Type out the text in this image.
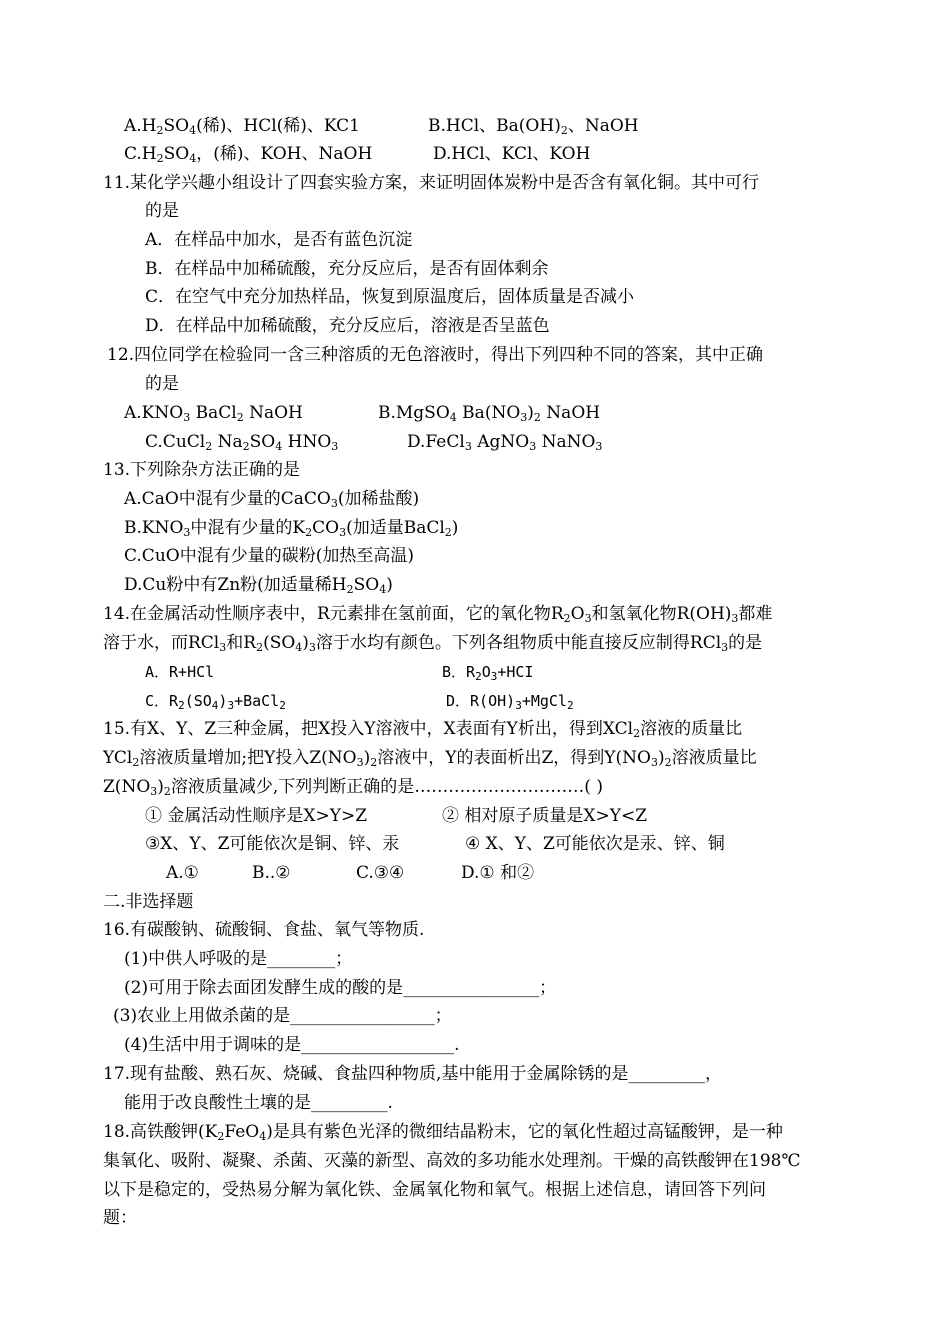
$A.H_2SO_4$(稀)、HCl(稀)、KC1	B.HCl、$Ba(OH)_2$、NaOH
$C.H_2SO_4$，(稀)、KOH、NaOH	D.HCl、KCl、KOH
11.某化学兴趣小组设计了四套实验方案，来证明固体炭粉中是否含有氧化铜。其中可行
的是
A．在样品中加水，是否有蓝色沉淀
B．在样品中加稀硫酸，充分反应后，是否有固体剩余
C．在空气中充分加热样品，恢复到原温度后，固体质量是否减小
D．在样品中加稀硫酸，充分反应后，溶液是否呈蓝色
12.四位同学在检验同一含三种溶质的无色溶液时，得出下列四种不同的答案，其中正确
的是
$A.KNO_3$ BaCl$_2$ NaOH	B.MgSO$_4$ $Ba(NO_3)_2$ NaOH
C.CuCl$_2$ $Na_2SO_4$ $HNO_3$	D.FeCl$_3$ AgNO$_3$ NaNO$_3$
13.下列除杂方法正确的是
A.CaO中混有少量的CaCO$_3$(加稀盐酸)
$B.KNO_3$中混有少量的$K_2CO_3$(加适量BaCl$_2$)
C.CuO中混有少量的碳粉(加热至高温)
D.Cu粉中有Zn粉(加适量稀$H_2SO_4$)
14.在金属活动性顺序表中，R元素排在氢前面，它的氧化物$R_2O_3$和氢氧化物$R(OH)_3$都难
溶于水，而RCl$_3$和$R_2(SO_4)_3$溶于水均有颜色。下列各组物质中能直接反应制得RCl$_3$的是
A．R+HCl	B．$R_2O_3+HCI$
C．$R_2(SO_4)_3+BaCl_2$	D．$R(OH)_3+MgCl_2$
15.有X、Y、Z三种金属，把X投入Y溶液中，X表面有Y析出，得到XCl$_2$溶液的质量比
YCl$_2$溶液质量增加;把Y投入$Z(NO_3)_2$溶液中，Y的表面析出Z，得到$Y(NO_3)_2$溶液质量比
$Z(NO_3)_2$溶液质量减少,下列判断正确的是…………………………( )
① 金属活动性顺序是X>Y>Z	② 相对原子质量是X>Y<Z
③X、Y、Z可能依次是铜、锌、汞	④ X、Y、Z可能依次是汞、锌、铜
A.①	B..②	C.③④	D.① 和②
二.非选择题
16.有碳酸钠、硫酸铜、食盐、氧气等物质.
(1)中供人呼吸的是________；
(2)可用于除去面团发酵生成的酸的是________________；
(3)农业上用做杀菌的是_________________；
(4)生活中用于调味的是__________________.
17.现有盐酸、熟石灰、烧碱、食盐四种物质,基中能用于金属除锈的是_________，
能用于改良酸性土壤的是_________.
18.高铁酸钾$(K_2FeO_4)$是具有紫色光泽的微细结晶粉末，它的氧化性超过高锰酸钾，是一种
集氧化、吸附、凝聚、杀菌、灭藻的新型、高效的多功能水处理剂。干燥的高铁酸钾在198℃
以下是稳定的，受热易分解为氧化铁、金属氧化物和氧气。根据上述信息，请回答下列问
题：
